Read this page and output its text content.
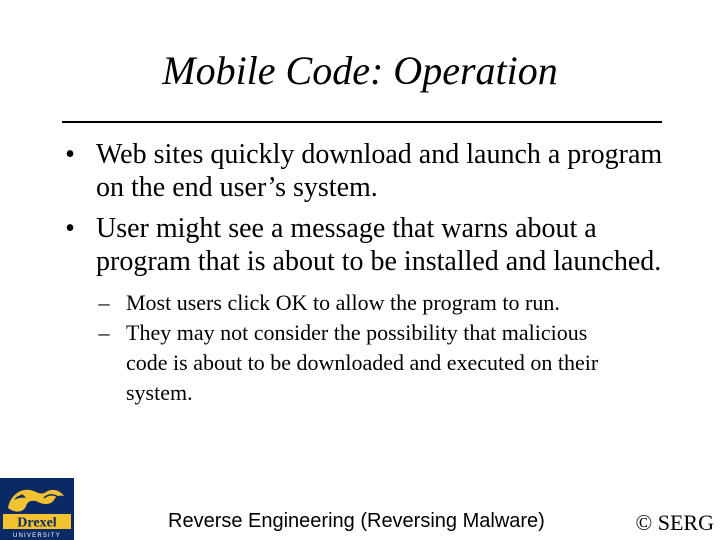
Mobile Code: Operation
• Web sites quickly download and launch a program
on the end user’s system.
• User might see a message that warns about a
program that is about to be installed and launched.
– Most users click OK to allow the program to run.
– They may not consider the possibility that malicious
code is about to be downloaded and executed on their
system.
Drexel
UNIVERSITY
Reverse Engineering (Reversing Malware)	© SERG
